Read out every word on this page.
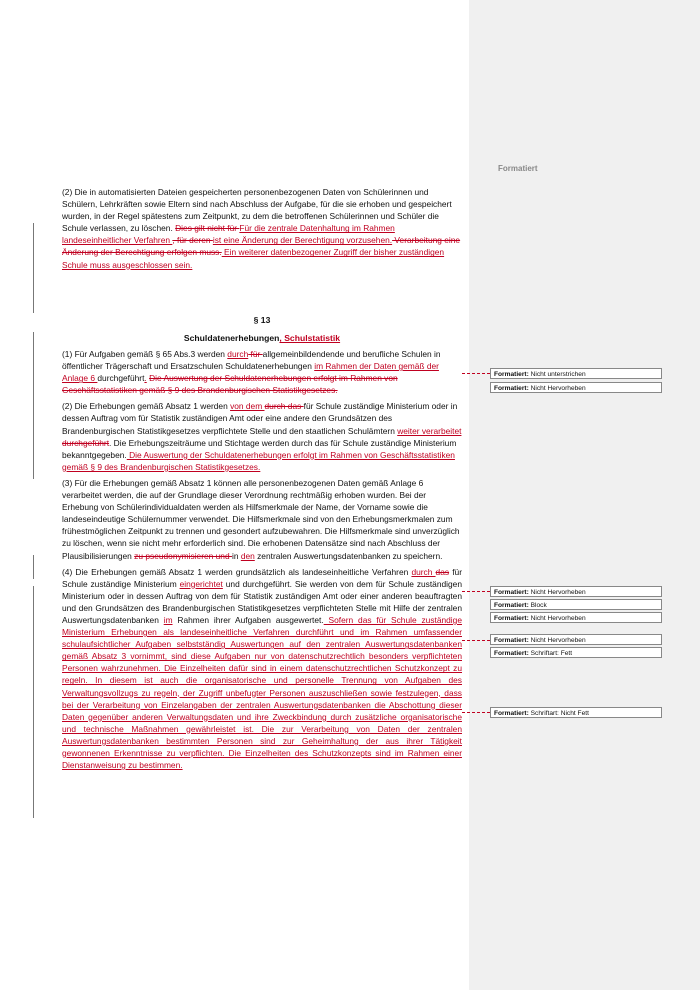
Formatiert

(2) Die in automatisierten Dateien gespeicherten personenbezogenen Daten von Schülerinnen und Schülern, Lehrkräften sowie Eltern sind nach Abschluss der Aufgabe, für die sie erhoben und gespeichert wurden, in der Regel spätestens zum Zeitpunkt, zu dem die betroffenen Schülerinnen und Schüler die Schule verlassen, zu löschen. Dies gilt nicht für Für die zentrale Datenhaltung im Rahmen landeseinheitlicher Verfahren , für deren ist eine Änderung der Berechtigung vorzusehen. Verarbeitung eine Änderung der Berechtigung erfolgen muss. Ein weiterer datenbezogener Zugriff der bisher zuständigen Schule muss ausgeschlossen sein.

§ 13
Schuldatenerhebungen, Schulstatistik

(1) Für Aufgaben gemäß § 65 Abs.3 werden durch für allgemeinbildendende und berufliche Schulen in öffentlicher Trägerschaft und Ersatzschulen Schuldatenerhebungen im Rahmen der Daten gemäß der Anlage 6 durchgeführt. Die Auswertung der Schuldatenerhebungen erfolgt im Rahmen von Geschäftsstatistiken gemäß § 9 des Brandenburgischen Statistikgesetzes.

(2) Die Erhebungen gemäß Absatz 1 werden von dem durch das für Schule zuständige Ministerium oder in dessen Auftrag vom für Statistik zuständigen Amt oder eine andere den Grundsätzen des Brandenburgischen Statistikgesetzes verpflichtete Stelle und den staatlichen Schulämtern weiter verarbeitet durchgeführt. Die Erhebungszeiträume und Stichtage werden durch das für Schule zuständige Ministerium bekanntgegeben. Die Auswertung der Schuldatenerhebungen erfolgt im Rahmen von Geschäftsstatistiken gemäß § 9 des Brandenburgischen Statistikgesetzes.

(3) Für die Erhebungen gemäß Absatz 1 können alle personenbezogenen Daten gemäß Anlage 6 verarbeitet werden, die auf der Grundlage dieser Verordnung rechtmäßig erhoben wurden. Bei der Erhebung von Schülerindividualdaten werden als Hilfsmerkmale der Name, der Vorname sowie die landeseindeutige Schülernummer verwendet. Die Hilfsmerkmale sind von den Erhebungsmerkmalen zum frühestmöglichen Zeitpunkt zu trennen und gesondert aufzubewahren. Die Hilfsmerkmale sind unverzüglich zu löschen, wenn sie nicht mehr erforderlich sind. Die erhobenen Datensätze sind nach Abschluss der Plausibilisierungen zu pseudonymisieren und in den zentralen Auswertungsdatenbanken zu speichern.

(4) Die Erhebungen gemäß Absatz 1 werden grundsätzlich als landeseinheitliche Verfahren durch das für Schule zuständige Ministerium eingerichtet und durchgeführt. Sie werden von dem für Schule zuständigen Ministerium oder in dessen Auftrag von dem für Statistik zuständigen Amt oder einer anderen beauftragten und den Grundsätzen des Brandenburgischen Statistikgesetzes verpflichteten Stelle mit Hilfe der zentralen Auswertungsdatenbanken im Rahmen ihrer Aufgaben ausgewertet. Sofern das für Schule zuständige Ministerium Erhebungen als landeseinheitliche Verfahren durchführt und im Rahmen umfassender schulaufsichtlicher Aufgaben selbstständig Auswertungen auf den zentralen Auswertungsdatenbanken gemäß Absatz 3 vornimmt, sind diese Aufgaben nur von datenschutzrechtlich besonders verpflichteten Personen wahrzunehmen. Die Einzelheiten dafür sind in einem datenschutzrechtlichen Schutzkonzept zu regeln. In diesem ist auch die organisatorische und personelle Trennung von Aufgaben des Verwaltungsvollzugs zu regeln, der Zugriff unbefugter Personen auszuschließen sowie festzulegen, dass bei der Verarbeitung von Einzelangaben der zentralen Auswertungsdatenbanken die Abschottung dieser Daten gegenüber anderen Verwaltungsdaten und ihre Zweckbindung durch zusätzliche organisatorische und technische Maßnahmen gewährleistet ist. Die zur Verarbeitung von Daten der zentralen Auswertungsdatenbanken bestimmten Personen sind zur Geheimhaltung der aus ihrer Tätigkeit gewonnenen Erkenntnisse zu verpflichten. Die Einzelheiten des Schutzkonzepts sind im Rahmen einer Dienstanweisung zu bestimmen.

Formatiert: Nicht unterstrichen
Formatiert: Nicht Hervorheben
Formatiert: Nicht Hervorheben
Formatiert: Block
Formatiert: Nicht Hervorheben
Formatiert: Nicht Hervorheben
Formatiert: Schriftart: Fett
Formatiert: Schriftart: Nicht Fett
